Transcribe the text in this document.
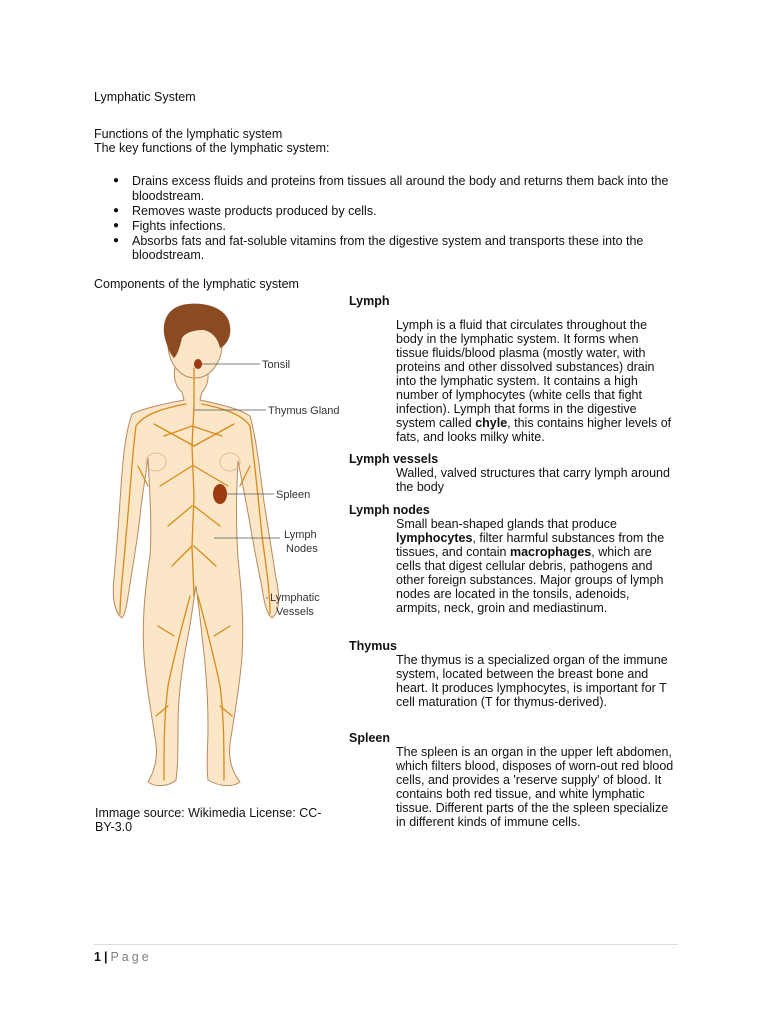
Lymphatic System
Functions of the lymphatic system
The key functions of the lymphatic system:
● Drains excess fluids and proteins from tissues all around the body and returns them back into the bloodstream.
● Removes waste products produced by cells.
● Fights infections.
● Absorbs fats and fat-soluble vitamins from the digestive system and transports these into the bloodstream.
Components of the lymphatic system
Tonsil
Thymus Gland
Spleen
Lymph
Nodes
Lymphatic
Vessels
Immage source: Wikimedia License: CC-BY-3.0
Lymph
Lymph is a fluid that circulates throughout the body in the lymphatic system. It forms when tissue fluids/blood plasma (mostly water, with proteins and other dissolved substances) drain into the lymphatic system. It contains a high number of lymphocytes (white cells that fight infection). Lymph that forms in the digestive system called chyle, this contains higher levels of fats, and looks milky white.
Lymph vessels
Walled, valved structures that carry lymph around the body
Lymph nodes
Small bean-shaped glands that produce lymphocytes, filter harmful substances from the tissues, and contain macrophages, which are cells that digest cellular debris, pathogens and other foreign substances. Major groups of lymph nodes are located in the tonsils, adenoids, armpits, neck, groin and mediastinum.
Thymus
The thymus is a specialized organ of the immune system, located between the breast bone and heart. It produces lymphocytes, is important for T cell maturation (T for thymus-derived).
Spleen
The spleen is an organ in the upper left abdomen, which filters blood, disposes of worn-out red blood cells, and provides a 'reserve supply' of blood. It contains both red tissue, and white lymphatic tissue. Different parts of the the spleen specialize in different kinds of immune cells.
1 | Page
